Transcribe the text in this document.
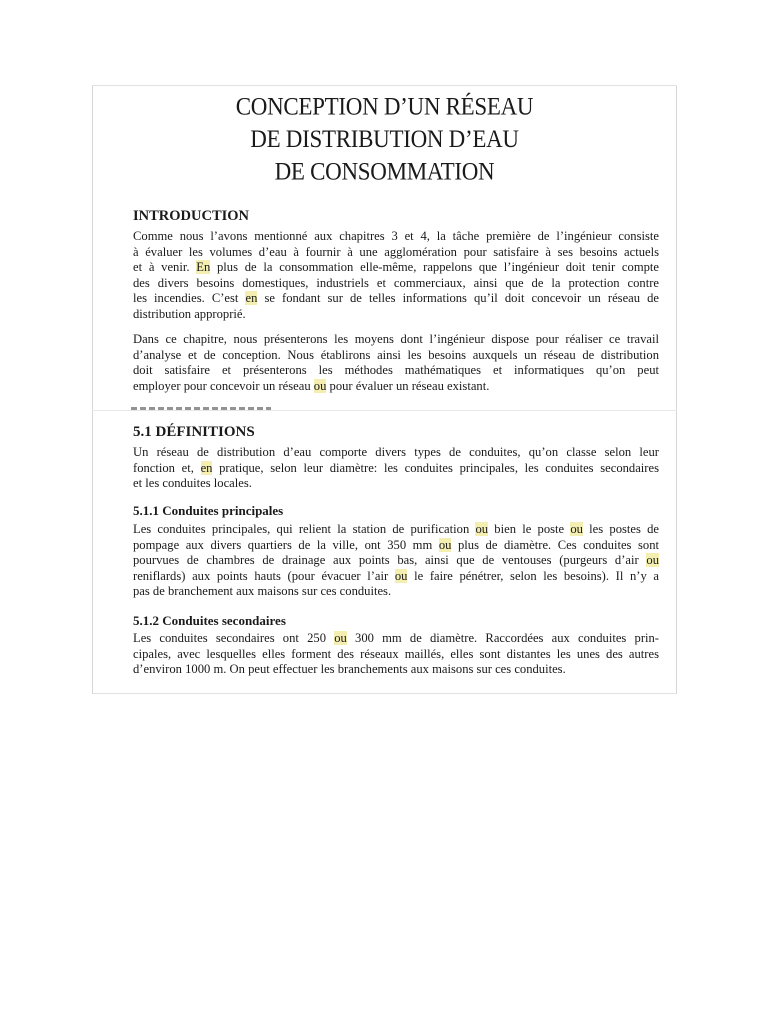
CONCEPTION D’UN RÉSEAU
DE DISTRIBUTION D’EAU
DE CONSOMMATION
INTRODUCTION
Comme nous l’avons mentionné aux chapitres 3 et 4, la tâche première de l’ingénieur consiste
à évaluer les volumes d’eau à fournir à une agglomération pour satisfaire à ses besoins actuels
et à venir. En plus de la consommation elle-même, rappelons que l’ingénieur doit tenir compte
des divers besoins domestiques, industriels et commerciaux, ainsi que de la protection contre
les incendies. C’est en se fondant sur de telles informations qu’il doit concevoir un réseau de
distribution approprié.
Dans ce chapitre, nous présenterons les moyens dont l’ingénieur dispose pour réaliser ce travail
d’analyse et de conception. Nous établirons ainsi les besoins auxquels un réseau de distribution
doit satisfaire et présenterons les méthodes mathématiques et informatiques qu’on peut
employer pour concevoir un réseau ou pour évaluer un réseau existant.
5.1 DÉFINITIONS
Un réseau de distribution d’eau comporte divers types de conduites, qu’on classe selon leur
fonction et, en pratique, selon leur diamètre: les conduites principales, les conduites secondaires
et les conduites locales.
5.1.1 Conduites principales
Les conduites principales, qui relient la station de purification ou bien le poste ou les postes de
pompage aux divers quartiers de la ville, ont 350 mm ou plus de diamètre. Ces conduites sont
pourvues de chambres de drainage aux points bas, ainsi que de ventouses (purgeurs d’air ou
reniflards) aux points hauts (pour évacuer l’air ou le faire pénétrer, selon les besoins). Il n’y a
pas de branchement aux maisons sur ces conduites.
5.1.2 Conduites secondaires
Les conduites secondaires ont 250 ou 300 mm de diamètre. Raccordées aux conduites prin-
cipales, avec lesquelles elles forment des réseaux maillés, elles sont distantes les unes des autres
d’environ 1000 m. On peut effectuer les branchements aux maisons sur ces conduites.
